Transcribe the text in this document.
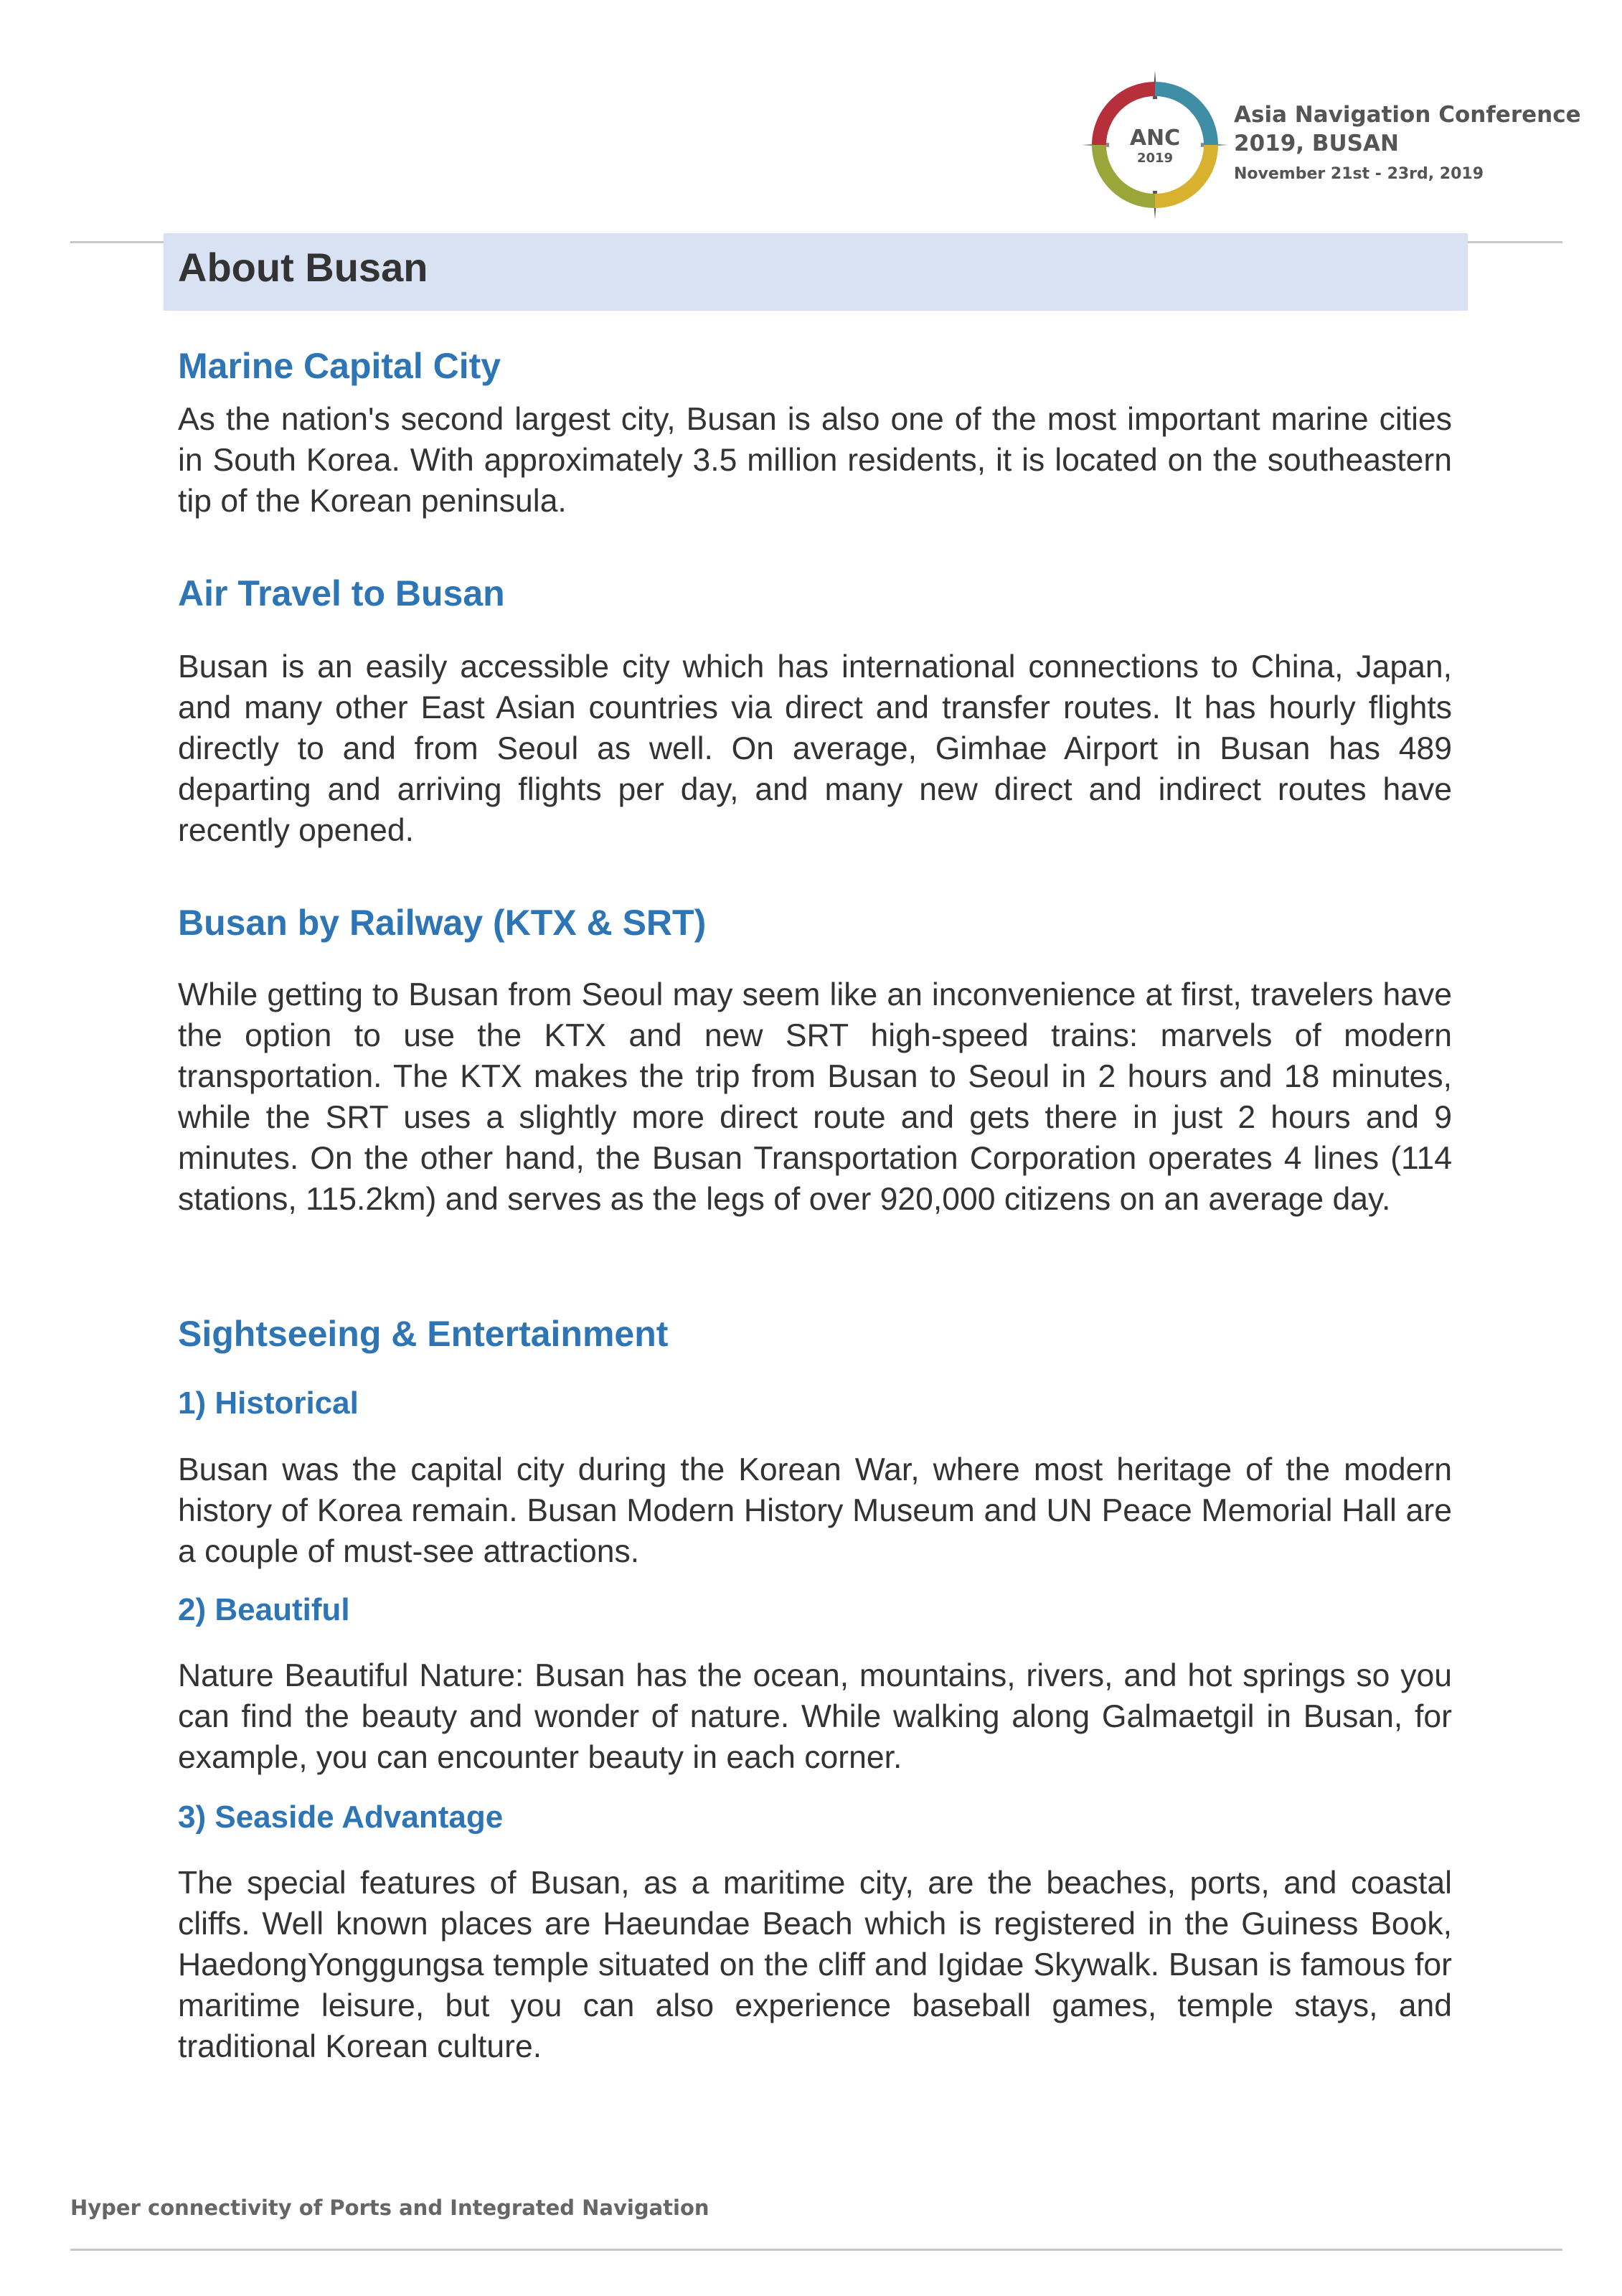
ANC
2019
Asia Navigation Conference
2019, BUSAN
November 21st - 23rd, 2019
About Busan
Marine Capital City

As the nation's second largest city, Busan is also one of the most important marine cities in South Korea. With approximately 3.5 million residents, it is located on the southeastern tip of the Korean peninsula.

Air Travel to Busan

Busan is an easily accessible city which has international connections to China, Japan, and many other East Asian countries via direct and transfer routes. It has hourly flights directly to and from Seoul as well. On average, Gimhae Airport in Busan has 489 departing and arriving flights per day, and many new direct and indirect routes have recently opened.

Busan by Railway (KTX & SRT)

While getting to Busan from Seoul may seem like an inconvenience at first, travelers have the option to use the KTX and new SRT high-speed trains: marvels of modern transportation. The KTX makes the trip from Busan to Seoul in 2 hours and 18 minutes, while the SRT uses a slightly more direct route and gets there in just 2 hours and 9 minutes. On the other hand, the Busan Transportation Corporation operates 4 lines (114 stations, 115.2km) and serves as the legs of over 920,000 citizens on an average day.

Sightseeing & Entertainment
1) Historical

Busan was the capital city during the Korean War, where most heritage of the modern history of Korea remain. Busan Modern History Museum and UN Peace Memorial Hall are a couple of must-see attractions.

2) Beautiful

Nature Beautiful Nature: Busan has the ocean, mountains, rivers, and hot springs so you can find the beauty and wonder of nature. While walking along Galmaetgil in Busan, for example, you can encounter beauty in each corner.

3) Seaside Advantage

The special features of Busan, as a maritime city, are the beaches, ports, and coastal cliffs. Well known places are Haeundae Beach which is registered in the Guiness Book, HaedongYonggungsa temple situated on the cliff and Igidae Skywalk. Busan is famous for maritime leisure, but you can also experience baseball games, temple stays, and traditional Korean culture.

Hyper connectivity of Ports and Integrated Navigation
